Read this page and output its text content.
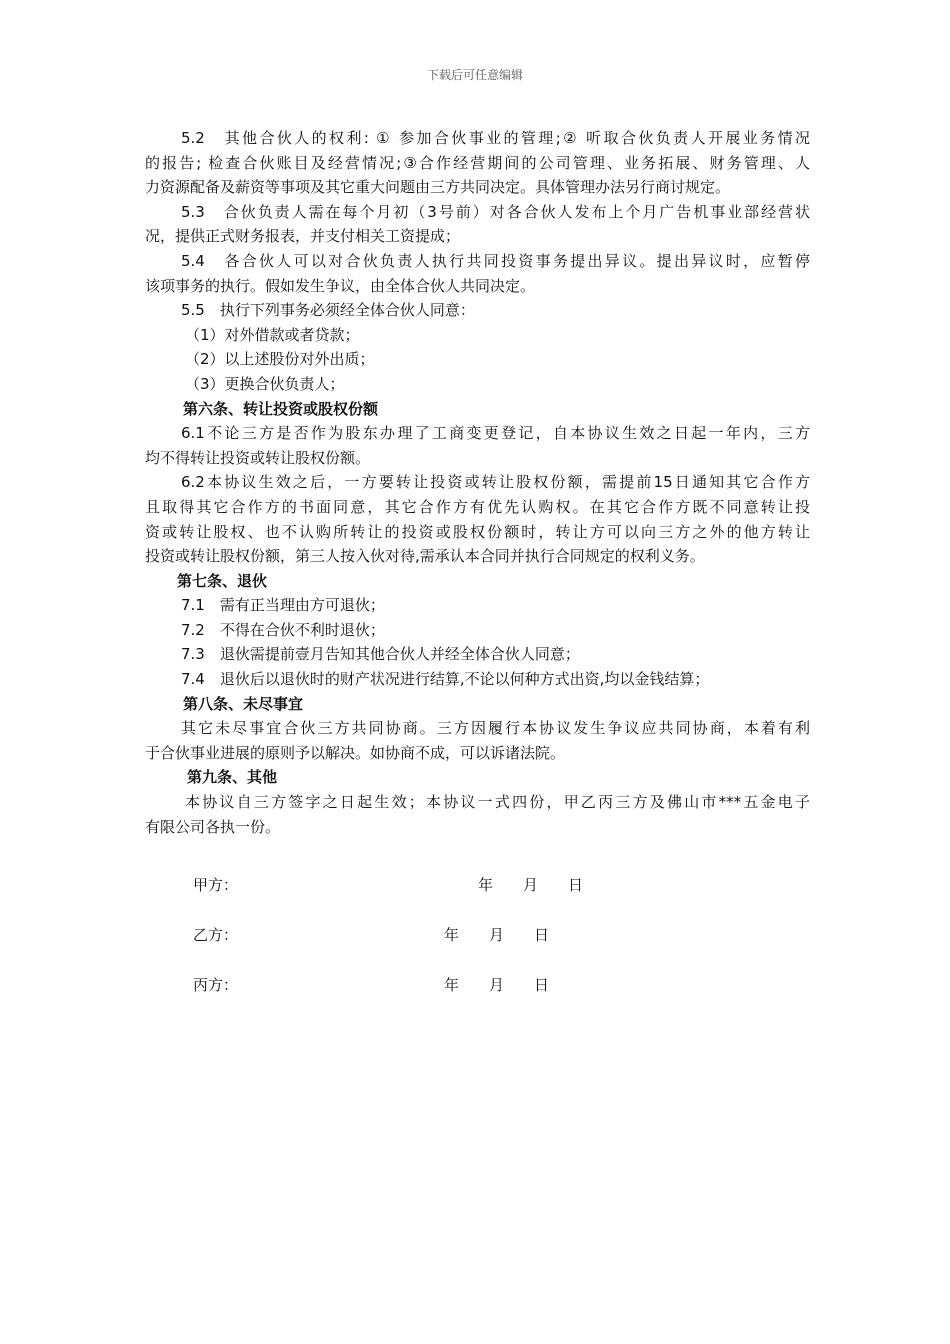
下载后可任意编辑
5.2　其他合伙人的权利: ① 参加合伙事业的管理;② 听取合伙负责人开展业务情况
的报告; 检查合伙账目及经营情况;③合作经营期间的公司管理、业务拓展、财务管理、人
力资源配备及薪资等事项及其它重大问题由三方共同决定。具体管理办法另行商讨规定。
5.3　合伙负责人需在每个月初（3号前）对各合伙人发布上个月广告机事业部经营状
况，提供正式财务报表，并支付相关工资提成；
5.4　各合伙人可以对合伙负责人执行共同投资事务提出异议。提出异议时，应暂停
该项事务的执行。假如发生争议，由全体合伙人共同决定。
5.5　执行下列事务必须经全体合伙人同意：
（1）对外借款或者贷款；
（2）以上述股份对外出质；
（3）更换合伙负责人；
第六条、转让投资或股权份额
6.1不论三方是否作为股东办理了工商变更登记，自本协议生效之日起一年内，三方
均不得转让投资或转让股权份额。
6.2本协议生效之后，一方要转让投资或转让股权份额，需提前15日通知其它合作方
且取得其它合作方的书面同意，其它合作方有优先认购权。在其它合作方既不同意转让投
资或转让股权、也不认购所转让的投资或股权份额时，转让方可以向三方之外的他方转让
投资或转让股权份额，第三人按入伙对待,需承认本合同并执行合同规定的权利义务。
第七条、退伙
7.1　需有正当理由方可退伙；
7.2　不得在合伙不利时退伙；
7.3　退伙需提前壹月告知其他合伙人并经全体合伙人同意；
7.4　退伙后以退伙时的财产状况进行结算,不论以何种方式出资,均以金钱结算；
第八条、未尽事宜
其它未尽事宜合伙三方共同协商。三方因履行本协议发生争议应共同协商，本着有利
于合伙事业进展的原则予以解决。如协商不成，可以诉诸法院。
第九条、其他
本协议自三方签字之日起生效；本协议一式四份，甲乙丙三方及佛山市***五金电子
有限公司各执一份。
甲方：	年　　月　　日
乙方：	年　　月　　日
丙方：	年　　月　　日
